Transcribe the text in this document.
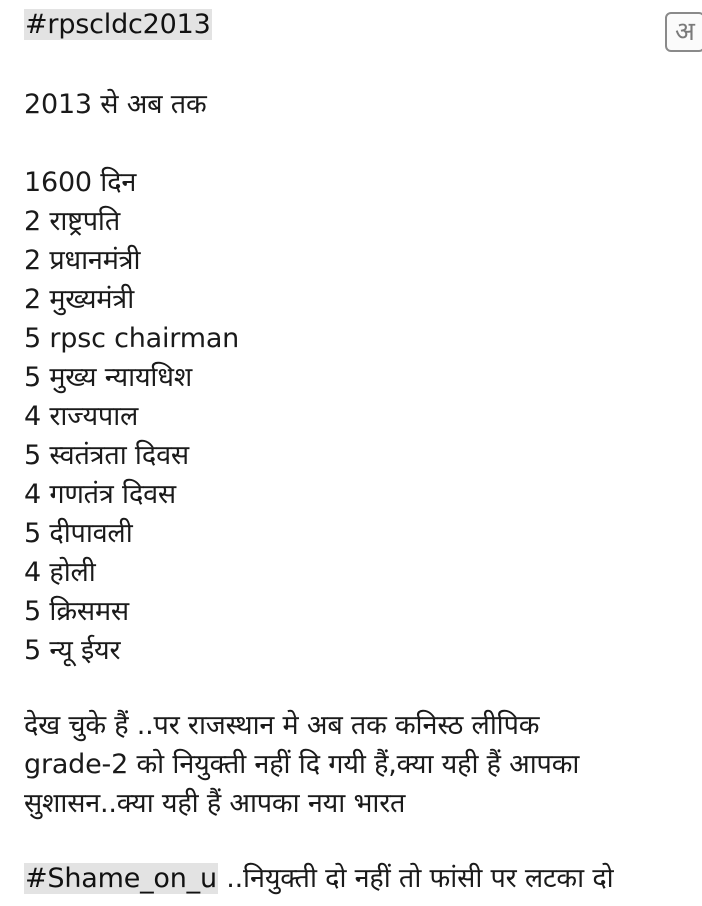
#rpscldc2013	अ
2013 से अब तक
1600 दिन
2 राष्ट्रपति
2 प्रधानमंत्री
2 मुख्यमंत्री
5 rpsc chairman
5 मुख्य न्यायधिश
4 राज्यपाल
5 स्वतंत्रता दिवस
4 गणतंत्र दिवस
5 दीपावली
4 होली
5 क्रिसमस
5 न्यू ईयर
देख चुके हैं ..पर राजस्थान मे अब तक कनिस्ठ लीपिक
grade-2 को नियुक्ती नहीं दि गयी हैं,क्या यही हैं आपका
सुशासन..क्या यही हैं आपका नया भारत
#Shame_on_u ..नियुक्ती दो नहीं तो फांसी पर लटका दो
